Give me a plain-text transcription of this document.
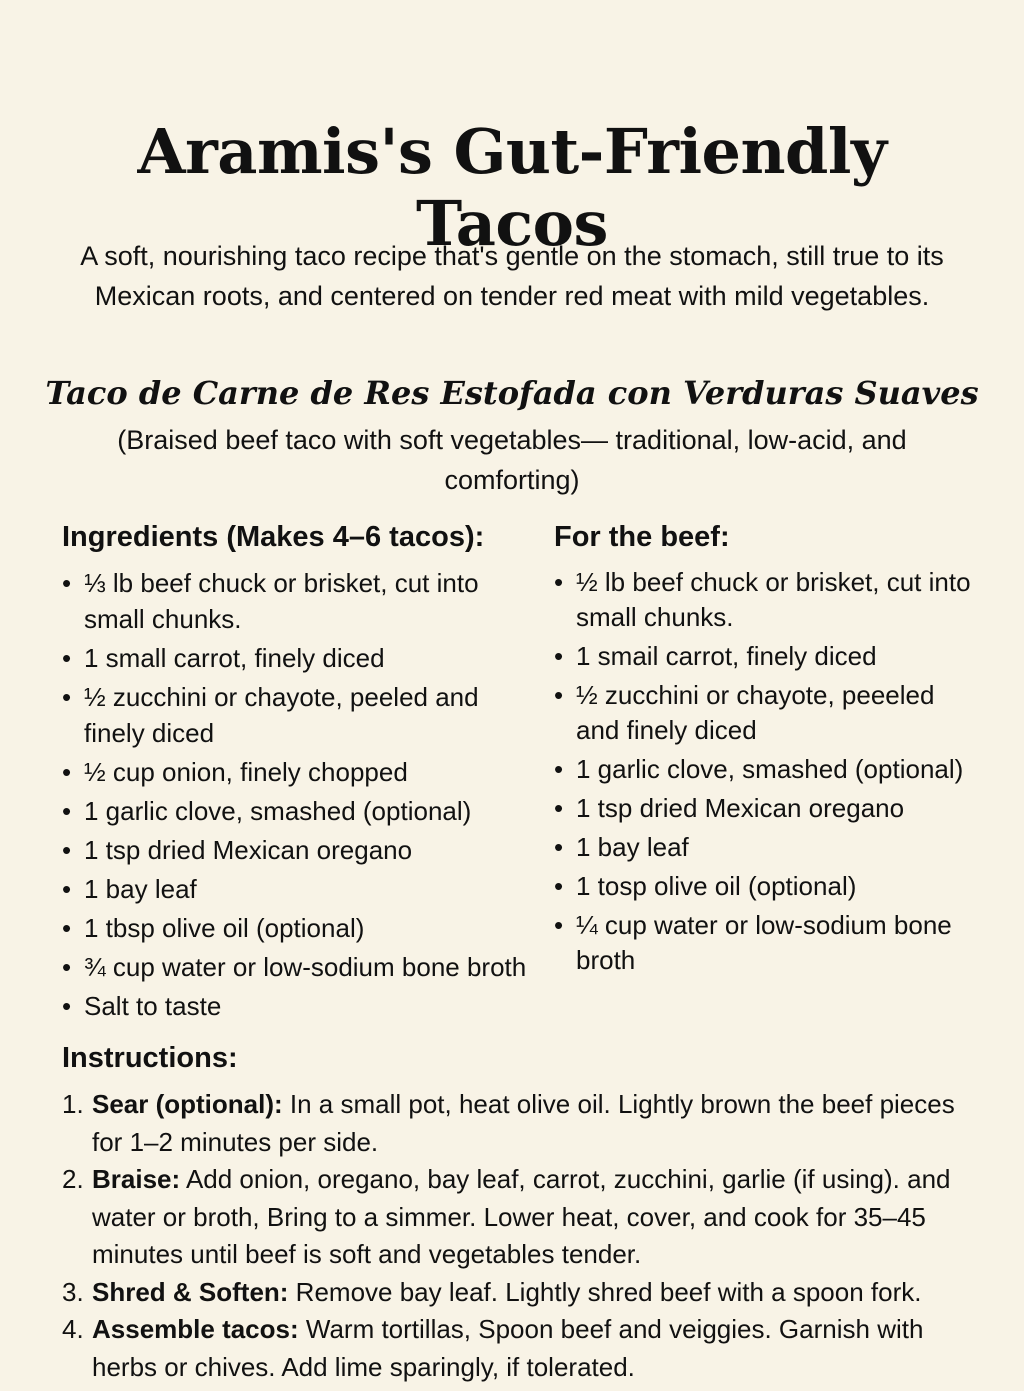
Aramis's Gut-Friendly Tacos
A soft, nourishing taco recipe that's gentle on the stomach, still true to its Mexican roots, and centered on tender red meat with mild vegetables.
Taco de Carne de Res Estofada con Verduras Suaves
(Braised beef taco with soft vegetables— traditional, low-acid, and comforting)
Ingredients (Makes 4–6 tacos):
• ⅓ lb beef chuck or brisket, cut into small chunks.
• 1 small carrot, finely diced
• ½ zucchini or chayote, peeled and finely diced
• ½ cup onion, finely chopped
• 1 garlic clove, smashed (optional)
• 1 tsp dried Mexican oregano
• 1 bay leaf
• 1 tbsp olive oil (optional)
• ¾ cup water or low-sodium bone broth
• Salt to taste
For the beef:
• ½ lb beef chuck or brisket, cut into small chunks.
• 1 smail carrot, finely diced
• ½ zucchini or chayote, peeeled and finely diced
• 1 garlic clove, smashed (optional)
• 1 tsp dried Mexican oregano
• 1 bay leaf
• 1 tosp olive oil (optional)
• ¼ cup water or low-sodium bone broth
Instructions:
1. Sear (optional): In a small pot, heat olive oil. Lightly brown the beef pieces for 1–2 minutes per side.
2. Braise: Add onion, oregano, bay leaf, carrot, zucchini, garlie (if using). and water or broth, Bring to a simmer. Lower heat, cover, and cook for 35–45 minutes until beef is soft and vegetables tender.
3. Shred & Soften: Remove bay leaf. Lightly shred beef with a spoon fork.
4. Assemble tacos: Warm tortillas, Spoon beef and veiggies. Garnish with herbs or chives. Add lime sparingly, if tolerated.
